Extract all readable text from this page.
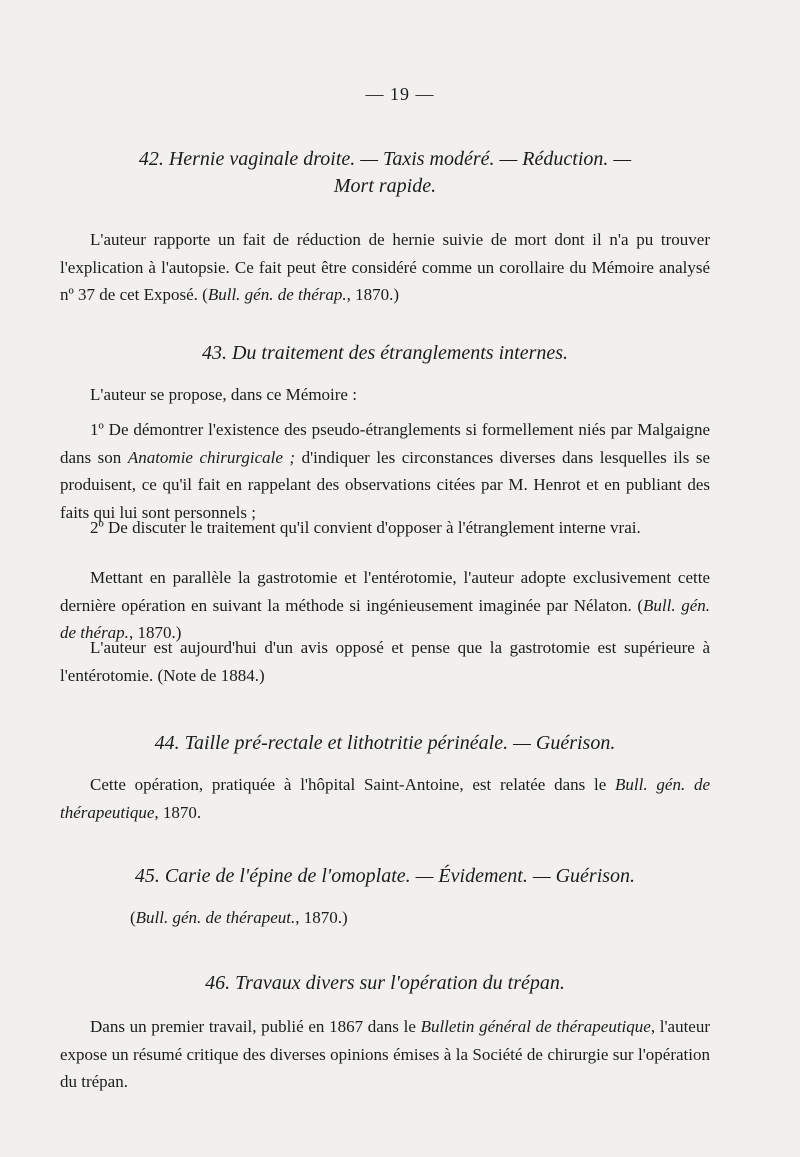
— 19 —
42. Hernie vaginale droite. — Taxis modéré. — Réduction. —
Mort rapide.
L'auteur rapporte un fait de réduction de hernie suivie de mort dont il n'a pu trouver l'explication à l'autopsie. Ce fait peut être considéré comme un corollaire du Mémoire analysé nº 37 de cet Exposé. (Bull. gén. de thérap., 1870.)
43. Du traitement des étranglements internes.
L'auteur se propose, dans ce Mémoire :
1º De démontrer l'existence des pseudo-étranglements si formellement niés par Malgaigne dans son Anatomie chirurgicale ; d'indiquer les circonstances diverses dans lesquelles ils se produisent, ce qu'il fait en rappelant des observations citées par M. Henrot et en publiant des faits qui lui sont personnels ;
2º De discuter le traitement qu'il convient d'opposer à l'étranglement interne vrai.
Mettant en parallèle la gastrotomie et l'entérotomie, l'auteur adopte exclusivement cette dernière opération en suivant la méthode si ingénieusement imaginée par Nélaton. (Bull. gén. de thérap., 1870.)
L'auteur est aujourd'hui d'un avis opposé et pense que la gastrotomie est supérieure à l'entérotomie. (Note de 1884.)
44. Taille pré-rectale et lithotritie périnéale. — Guérison.
Cette opération, pratiquée à l'hôpital Saint-Antoine, est relatée dans le Bull. gén. de thérapeutique, 1870.
45. Carie de l'épine de l'omoplate. — Évidement. — Guérison.
(Bull. gén. de thérapeut., 1870.)
46. Travaux divers sur l'opération du trépan.
Dans un premier travail, publié en 1867 dans le Bulletin général de thérapeutique, l'auteur expose un résumé critique des diverses opinions émises à la Société de chirurgie sur l'opération du trépan.
